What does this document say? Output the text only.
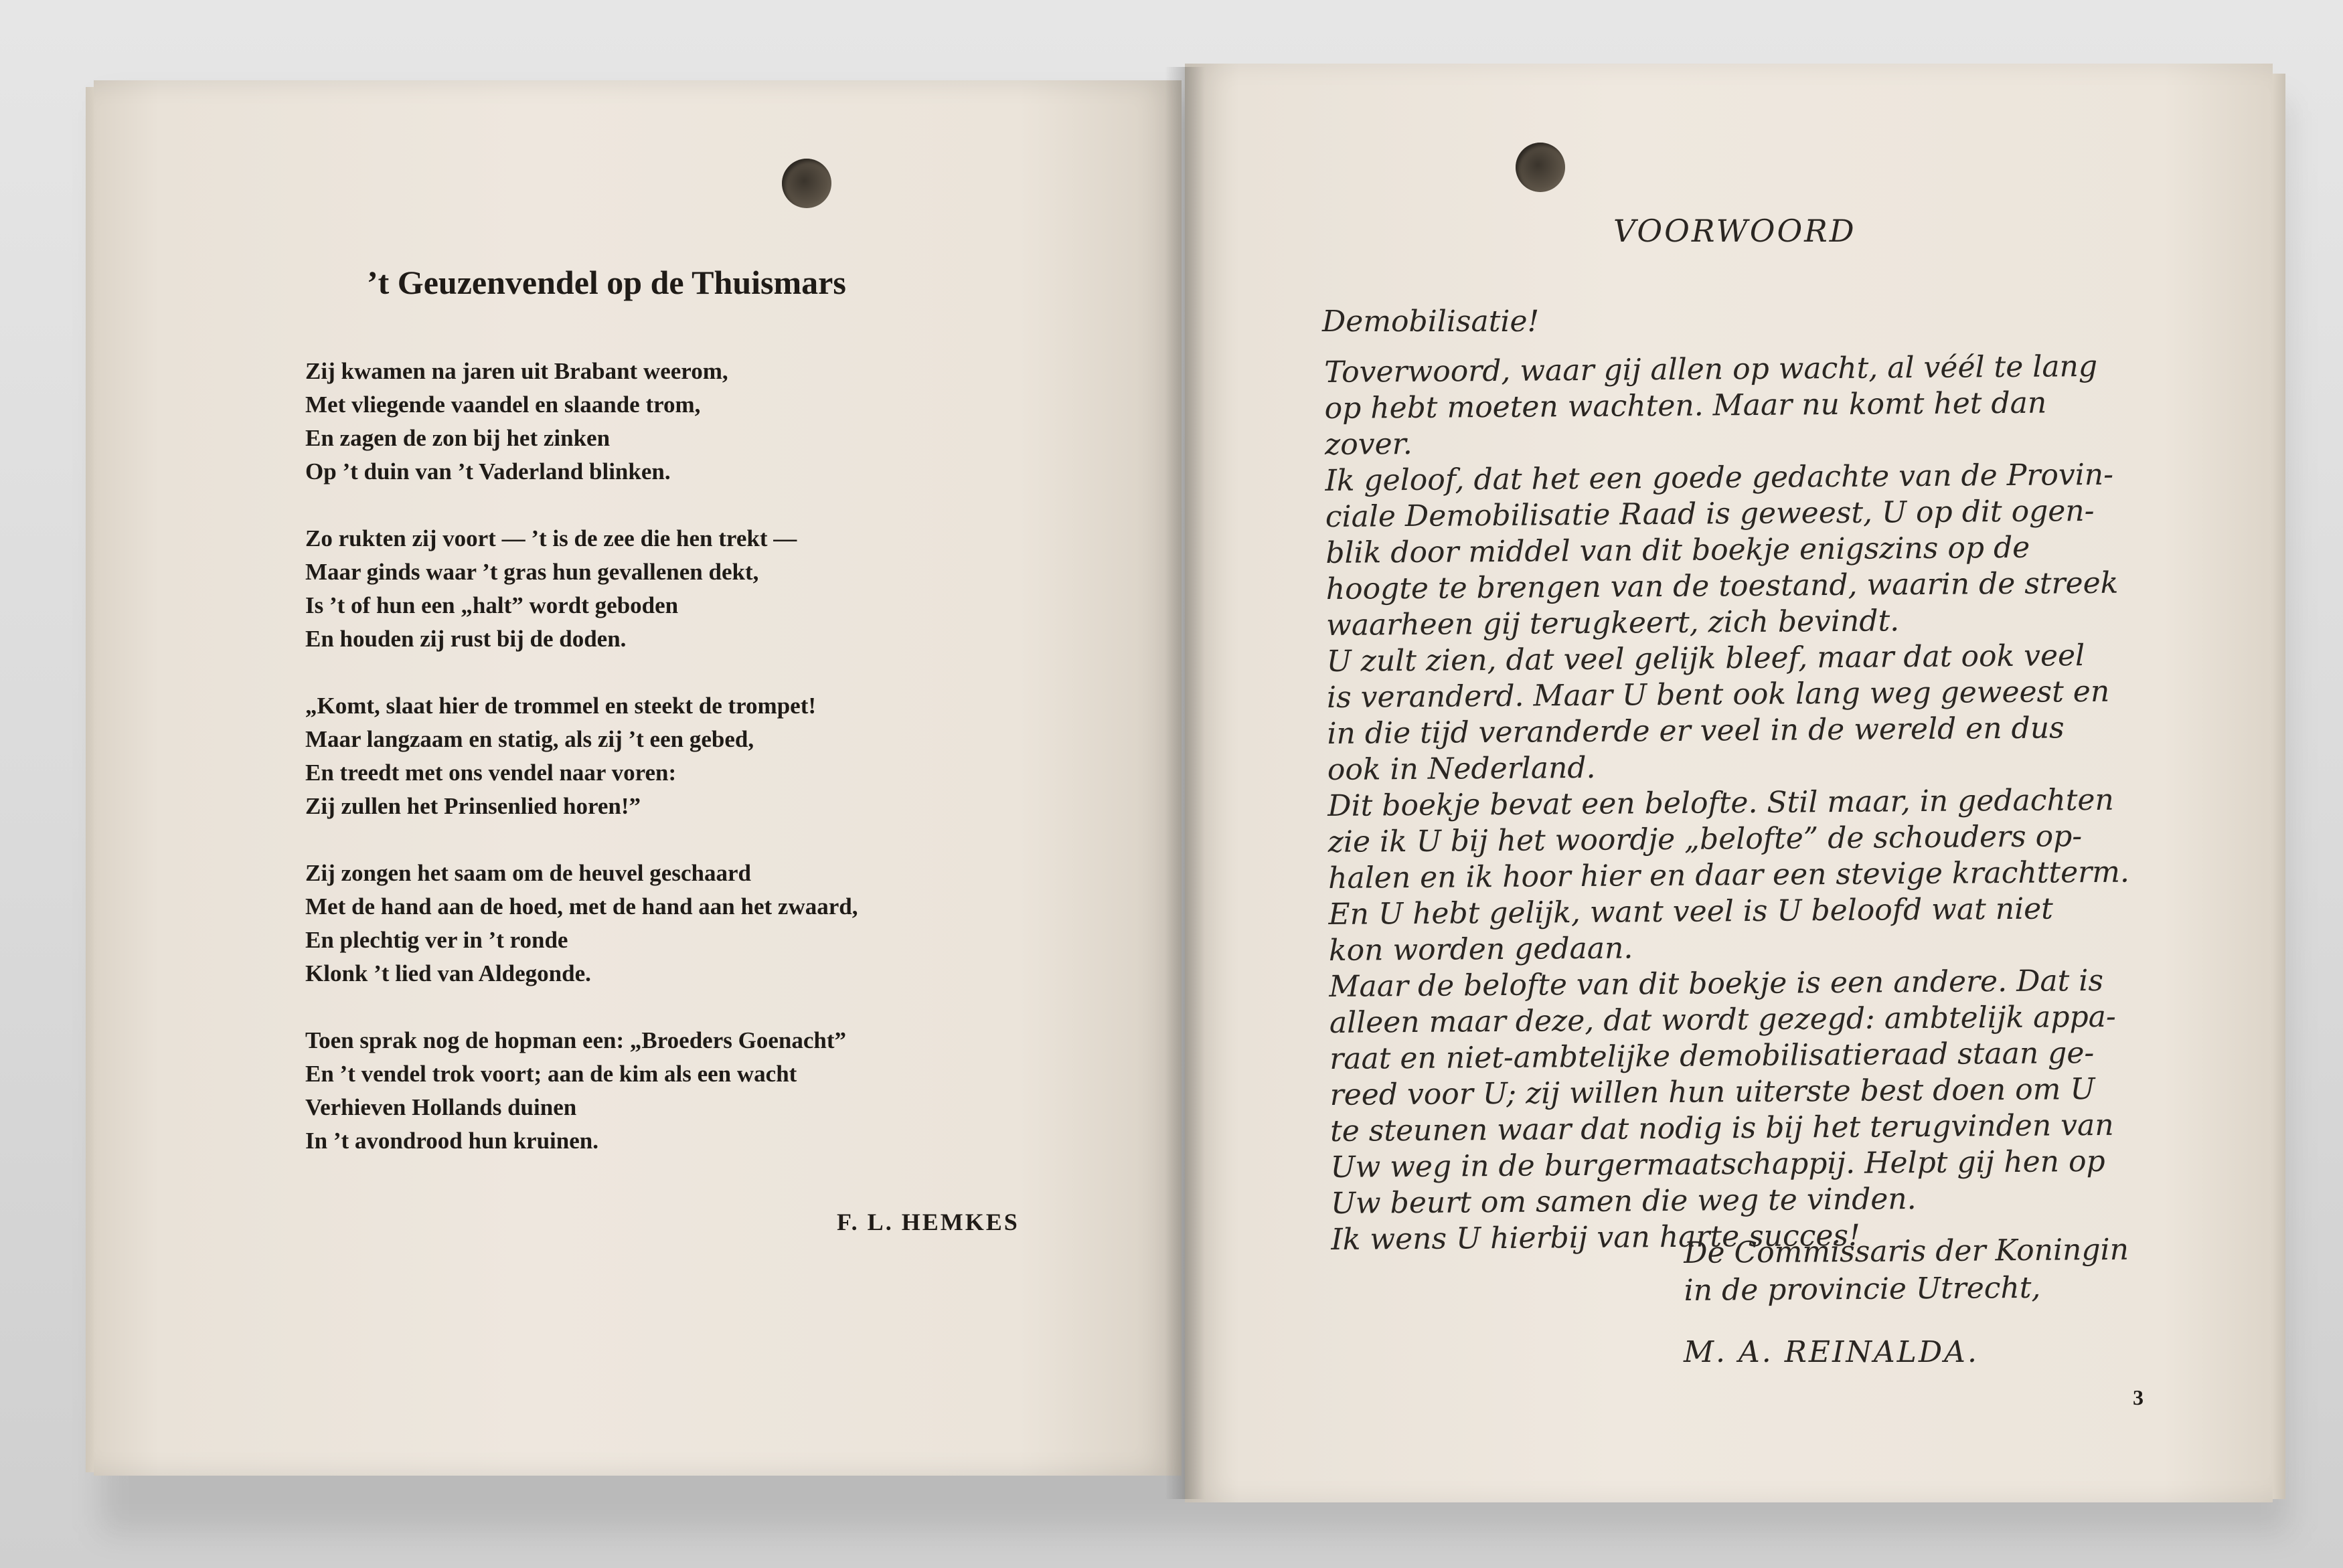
’t Geuzenvendel op de Thuismars
Zij kwamen na jaren uit Brabant weerom,
Met vliegende vaandel en slaande trom,
En zagen de zon bij het zinken
Op ’t duin van ’t Vaderland blinken.
Zo rukten zij voort — ’t is de zee die hen trekt —
Maar ginds waar ’t gras hun gevallenen dekt,
Is ’t of hun een „halt” wordt geboden
En houden zij rust bij de doden.
„Komt, slaat hier de trommel en steekt de trompet!
Maar langzaam en statig, als zij ’t een gebed,
En treedt met ons vendel naar voren:
Zij zullen het Prinsenlied horen!”
Zij zongen het saam om de heuvel geschaard
Met de hand aan de hoed, met de hand aan het zwaard,
En plechtig ver in ’t ronde
Klonk ’t lied van Aldegonde.
Toen sprak nog de hopman een: „Broeders Goenacht”
En ’t vendel trok voort; aan de kim als een wacht
Verhieven Hollands duinen
In ’t avondrood hun kruinen.
F. L. HEMKES
VOORWOORD
Demobilisatie!
Toverwoord, waar gij allen op wacht, al véél te lang
op hebt moeten wachten. Maar nu komt het dan
zover.
Ik geloof, dat het een goede gedachte van de Provin-
ciale Demobilisatie Raad is geweest, U op dit ogen-
blik door middel van dit boekje enigszins op de
hoogte te brengen van de toestand, waarin de streek
waarheen gij terugkeert, zich bevindt.
U zult zien, dat veel gelijk bleef, maar dat ook veel
is veranderd. Maar U bent ook lang weg geweest en
in die tijd veranderde er veel in de wereld en dus
ook in Nederland.
Dit boekje bevat een belofte. Stil maar, in gedachten
zie ik U bij het woordje „belofte” de schouders op-
halen en ik hoor hier en daar een stevige krachtterm.
En U hebt gelijk, want veel is U beloofd wat niet
kon worden gedaan.
Maar de belofte van dit boekje is een andere. Dat is
alleen maar deze, dat wordt gezegd: ambtelijk appa-
raat en niet-ambtelijke demobilisatieraad staan ge-
reed voor U; zij willen hun uiterste best doen om U
te steunen waar dat nodig is bij het terugvinden van
Uw weg in de burgermaatschappij. Helpt gij hen op
Uw beurt om samen die weg te vinden.
Ik wens U hierbij van harte succes!
De Commissaris der Koningin
in de provincie Utrecht,
M. A. REINALDA.
3
